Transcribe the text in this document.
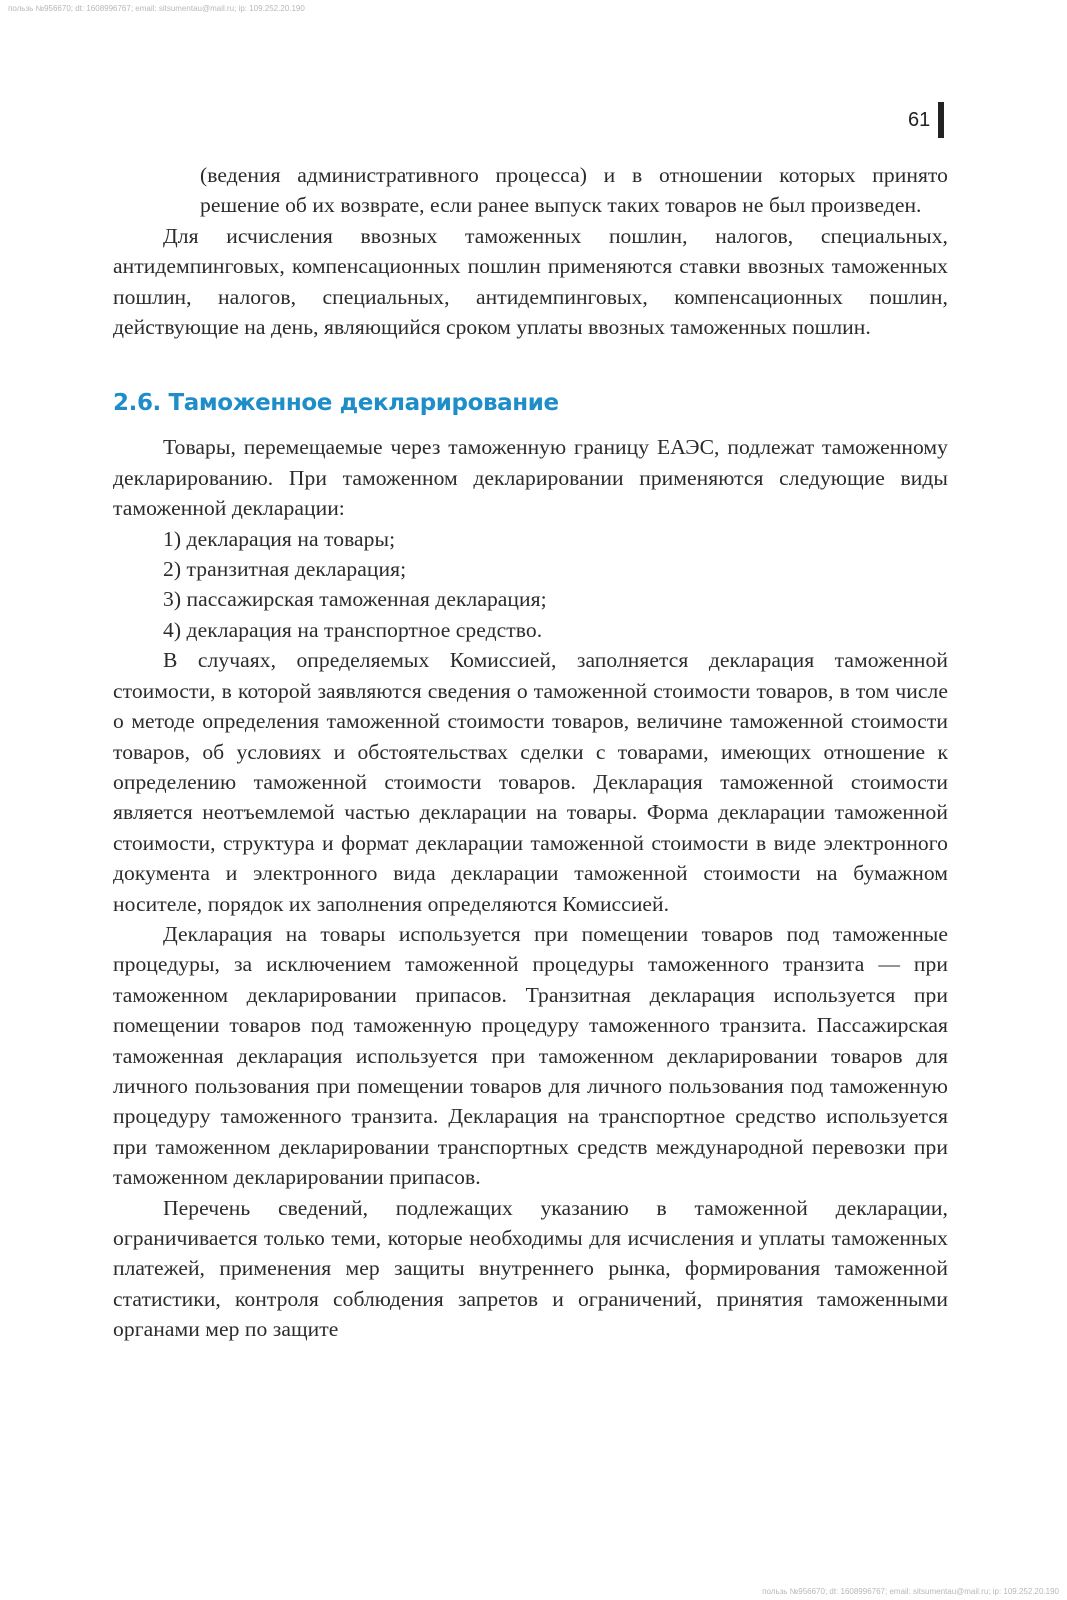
пользь №956670; dt: 1608996767; email: sitsumentau@mail.ru; ip: 109.252.20.190
61

(ведения административного процесса) и в отношении которых принято решение об их возврате, если ранее выпуск таких товаров не был произведен.

Для исчисления ввозных таможенных пошлин, налогов, специальных, антидемпинговых, компенсационных пошлин применяются ставки ввозных таможенных пошлин, налогов, специальных, антидемпинговых, компенсационных пошлин, действующие на день, являющийся сроком уплаты ввозных таможенных пошлин.

2.6. Таможенное декларирование

Товары, перемещаемые через таможенную границу ЕАЭС, подлежат таможенному декларированию. При таможенном декларировании применяются следующие виды таможенной декларации:

1) декларация на товары;

2) транзитная декларация;

3) пассажирская таможенная декларация;

4) декларация на транспортное средство.

В случаях, определяемых Комиссией, заполняется декларация таможенной стоимости, в которой заявляются сведения о таможенной стоимости товаров, в том числе о методе определения таможенной стоимости товаров, величине таможенной стоимости товаров, об условиях и обстоятельствах сделки с товарами, имеющих отношение к определению таможенной стоимости товаров. Декларация таможенной стоимости является неотъемлемой частью декларации на товары. Форма декларации таможенной стоимости, структура и формат декларации таможенной стоимости в виде электронного документа и электронного вида декларации таможенной стоимости на бумажном носителе, порядок их заполнения определяются Комиссией.

Декларация на товары используется при помещении товаров под таможенные процедуры, за исключением таможенной процедуры таможенного транзита — при таможенном декларировании припасов. Транзитная декларация используется при помещении товаров под таможенную процедуру таможенного транзита. Пассажирская таможенная декларация используется при таможенном декларировании товаров для личного пользования при помещении товаров для личного пользования под таможенную процедуру таможенного транзита. Декларация на транспортное средство используется при таможенном декларировании транспортных средств международной перевозки при таможенном декларировании припасов.

Перечень сведений, подлежащих указанию в таможенной декларации, ограничивается только теми, которые необходимы для исчисления и уплаты таможенных платежей, применения мер защиты внутреннего рынка, формирования таможенной статистики, контроля соблюдения запретов и ограничений, принятия таможенными органами мер по защите

пользь №956670; dt: 1608996767; email: sitsumentau@mail.ru; ip: 109.252.20.190
